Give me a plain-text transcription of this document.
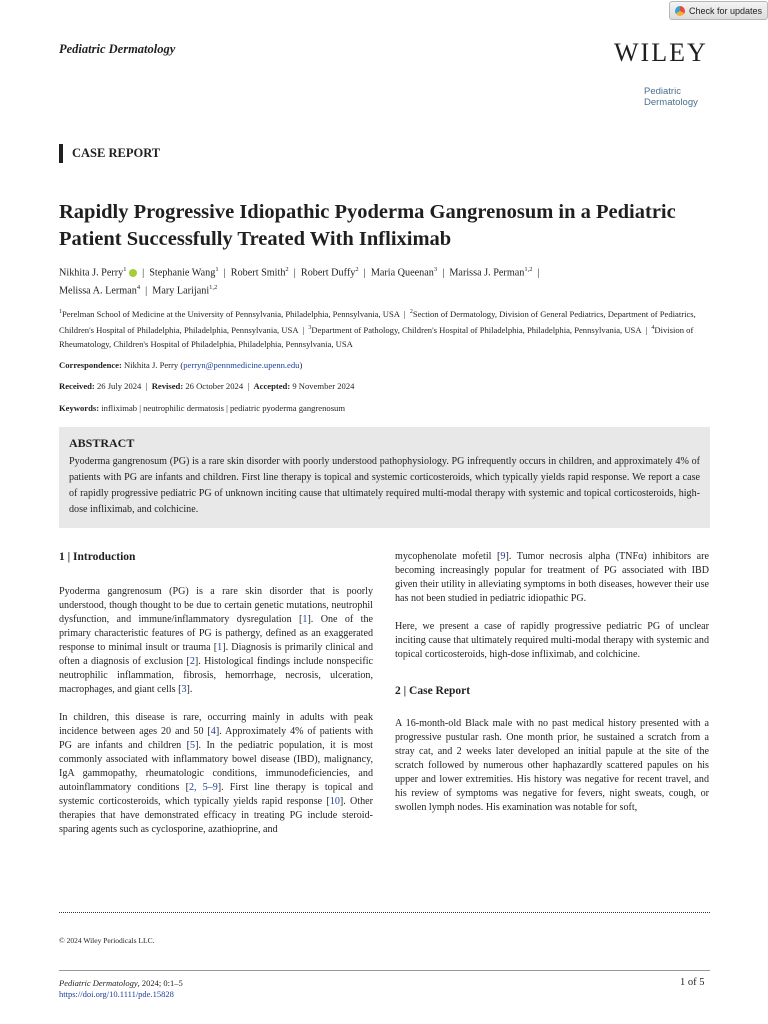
Check for updates
Pediatric Dermatology	WILEY
Pediatric
Dermatology
CASE REPORT
Rapidly Progressive Idiopathic Pyoderma Gangrenosum in a Pediatric Patient Successfully Treated With Infliximab
Nikhita J. Perry$^1$   |  Stephanie Wang$^1$  |  Robert Smith$^2$  |  Robert Duffy$^2$  |  Maria Queenan$^3$  |  Marissa J. Perman$^{1,2}$  |
Melissa A. Lerman$^4$  |  Mary Larijani$^{1,2}$
$^1$Perelman School of Medicine at the University of Pennsylvania, Philadelphia, Pennsylvania, USA  |  $^2$Section of Dermatology, Division of General Pediatrics, Department of Pediatrics, Children's Hospital of Philadelphia, Philadelphia, Pennsylvania, USA  |  $^3$Department of Pathology, Children's Hospital of Philadelphia, Philadelphia, Pennsylvania, USA  |  $^4$Division of Rheumatology, Children's Hospital of Philadelphia, Philadelphia, Pennsylvania, USA
Correspondence: Nikhita J. Perry (perryn@pennmedicine.upenn.edu)
Received: 26 July 2024  |  Revised: 26 October 2024  |  Accepted: 9 November 2024
Keywords: infliximab | neutrophilic dermatosis | pediatric pyoderma gangrenosum
ABSTRACT
Pyoderma gangrenosum (PG) is a rare skin disorder with poorly understood pathophysiology. PG infrequently occurs in children, and approximately 4% of patients with PG are infants and children. First line therapy is topical and systemic corticosteroids, which typically yields rapid response. We report a case of rapidly progressive pediatric PG of unknown inciting cause that ultimately required multi-modal therapy with systemic and topical corticosteroids, high-dose infliximab, and colchicine.
1 | Introduction

Pyoderma gangrenosum (PG) is a rare skin disorder that is poorly understood, though thought to be due to certain genetic mutations, neutrophil dysfunction, and immune/inflammatory dysregulation [1]. One of the primary characteristic features of PG is pathergy, defined as an exaggerated response to minimal insult or trauma [1]. Diagnosis is primarily clinical and often a diagnosis of exclusion [2]. Histological findings include nonspecific neutrophilic inflammation, fibrosis, hemorrhage, necrosis, ulceration, macrophages, and giant cells [3].

In children, this disease is rare, occurring mainly in adults with peak incidence between ages 20 and 50 [4]. Approximately 4% of patients with PG are infants and children [5]. In the pediatric population, it is most commonly associated with inflammatory bowel disease (IBD), malignancy, IgA gammopathy, rheumatologic conditions, immunodeficiencies, and autoinflammatory conditions [2, 5–9]. First line therapy is topical and systemic corticosteroids, which typically yields rapid response [10]. Other therapies that have demonstrated efficacy in treating PG include steroid-sparing agents such as cyclosporine, azathioprine, and

mycophenolate mofetil [9]. Tumor necrosis alpha (TNFα) inhibitors are becoming increasingly popular for treatment of PG associated with IBD given their utility in alleviating symptoms in both diseases, however their use has not been studied in pediatric idiopathic PG.

Here, we present a case of rapidly progressive pediatric PG of unclear inciting cause that ultimately required multi-modal therapy with systemic and topical corticosteroids, high-dose infliximab, and colchicine.

2 | Case Report

A 16-month-old Black male with no past medical history presented with a progressive pustular rash. One month prior, he sustained a scratch from a stray cat, and 2 weeks later developed an initial papule at the site of the scratch followed by numerous other haphazardly scattered papules on his upper and lower extremities. His history was negative for recent travel, and his review of symptoms was negative for fevers, night sweats, cough, or swollen lymph nodes. His examination was notable for soft,

© 2024 Wiley Periodicals LLC.
Pediatric Dermatology, 2024; 0:1–5
https://doi.org/10.1111/pde.15828
1 of 5
